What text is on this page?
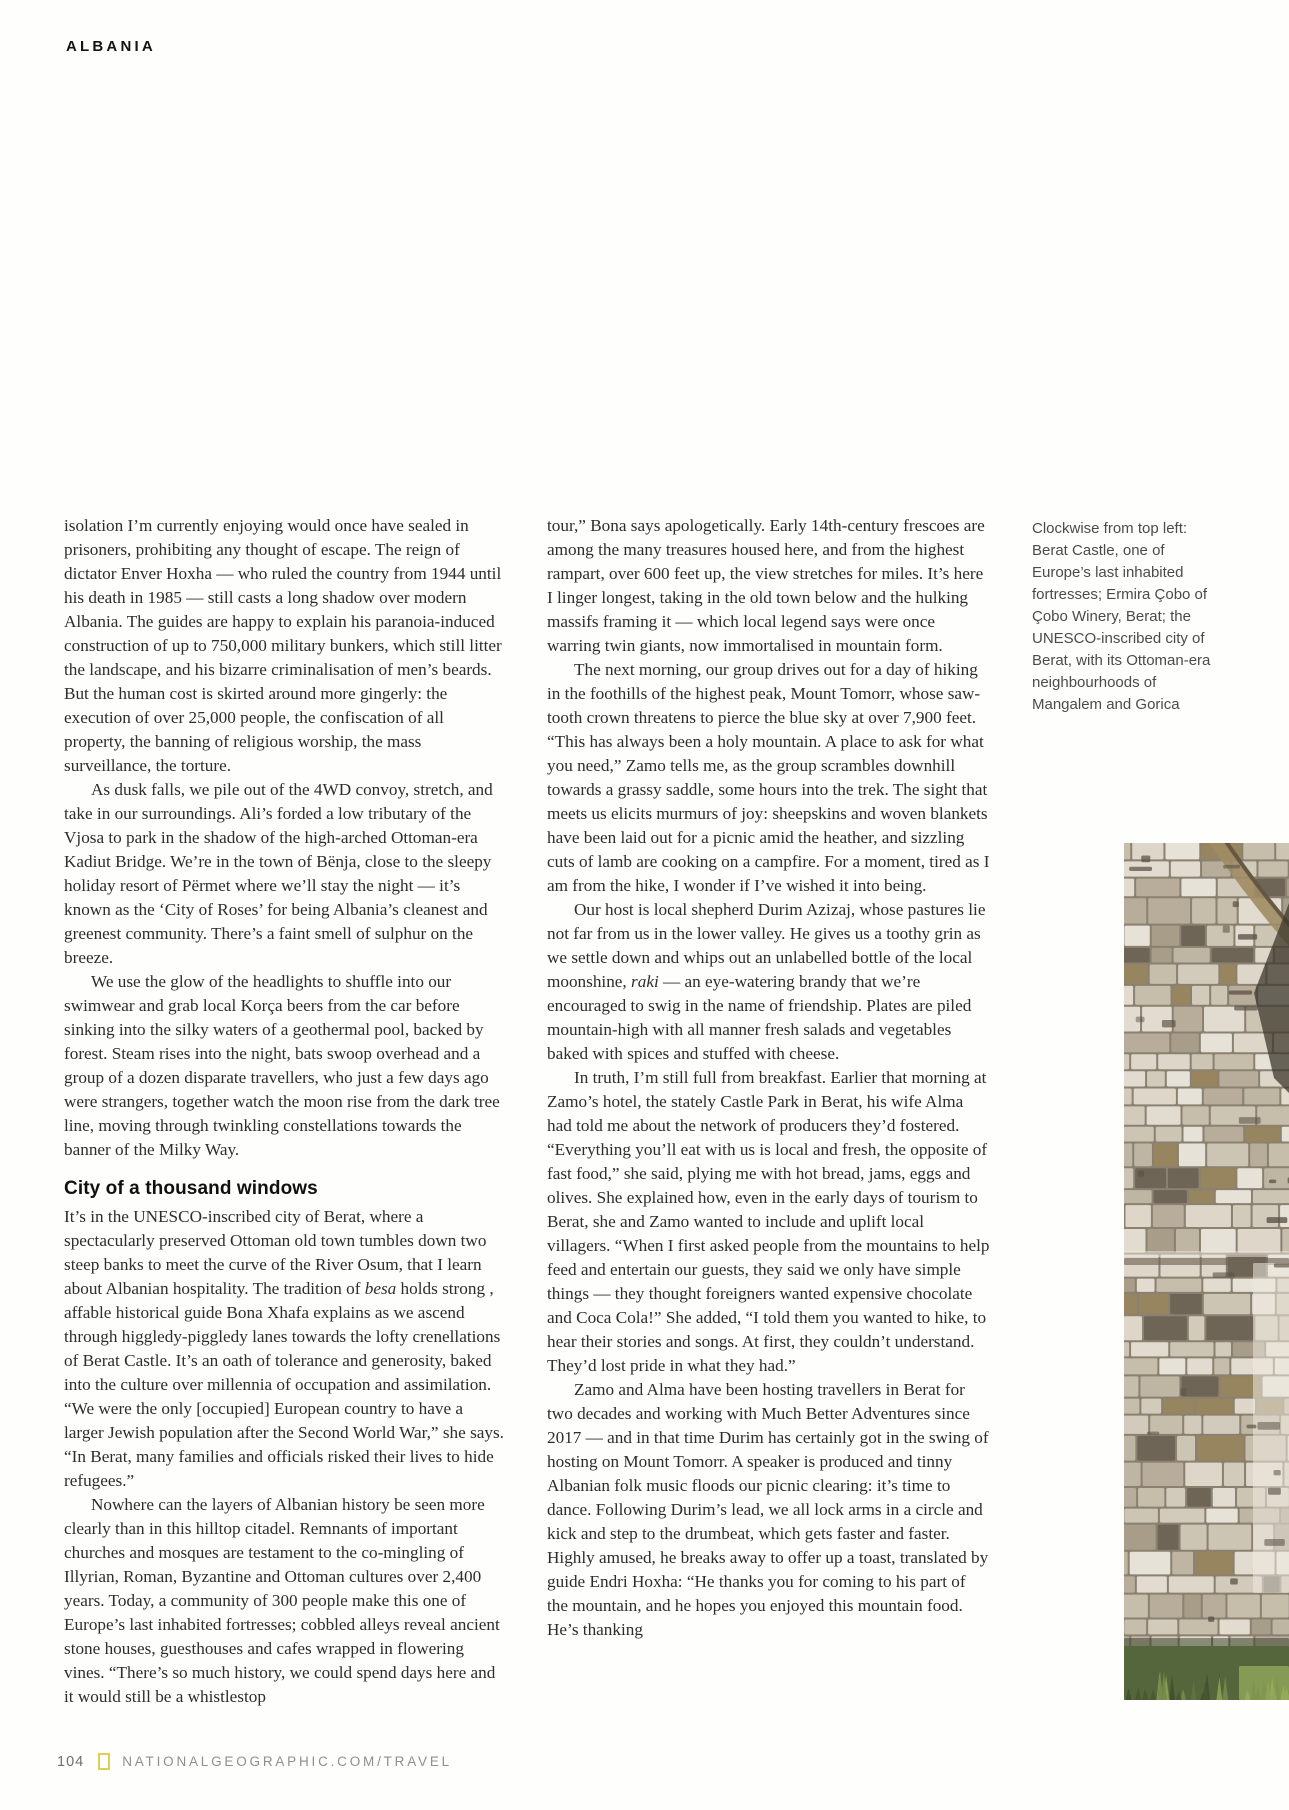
ALBANIA

isolation I’m currently enjoying would once have sealed in prisoners, prohibiting any thought of escape. The reign of dictator Enver Hoxha — who ruled the country from 1944 until his death in 1985 — still casts a long shadow over modern Albania. The guides are happy to explain his paranoia-induced construction of up to 750,000 military bunkers, which still litter the landscape, and his bizarre criminalisation of men’s beards. But the human cost is skirted around more gingerly: the execution of over 25,000 people, the confiscation of all property, the banning of religious worship, the mass surveillance, the torture.

As dusk falls, we pile out of the 4WD convoy, stretch, and take in our surroundings. Ali’s forded a low tributary of the Vjosa to park in the shadow of the high-arched Ottoman-era Kadiut Bridge. We’re in the town of Bënja, close to the sleepy holiday resort of Përmet where we’ll stay the night — it’s known as the ‘City of Roses’ for being Albania’s cleanest and greenest community. There’s a faint smell of sulphur on the breeze.

We use the glow of the headlights to shuffle into our swimwear and grab local Korça beers from the car before sinking into the silky waters of a geothermal pool, backed by forest. Steam rises into the night, bats swoop overhead and a group of a dozen disparate travellers, who just a few days ago were strangers, together watch the moon rise from the dark tree line, moving through twinkling constellations towards the banner of the Milky Way.

City of a thousand windows

It’s in the UNESCO-inscribed city of Berat, where a spectacularly preserved Ottoman old town tumbles down two steep banks to meet the curve of the River Osum, that I learn about Albanian hospitality. The tradition of besa holds strong , affable historical guide Bona Xhafa explains as we ascend through higgledy-piggledy lanes towards the lofty crenellations of Berat Castle. It’s an oath of tolerance and generosity, baked into the culture over millennia of occupation and assimilation. “We were the only [occupied] European country to have a larger Jewish population after the Second World War,” she says. “In Berat, many families and officials risked their lives to hide refugees.”

Nowhere can the layers of Albanian history be seen more clearly than in this hilltop citadel. Remnants of important churches and mosques are testament to the co-mingling of Illyrian, Roman, Byzantine and Ottoman cultures over 2,400 years. Today, a community of 300 people make this one of Europe’s last inhabited fortresses; cobbled alleys reveal ancient stone houses, guesthouses and cafes wrapped in flowering vines. “There’s so much history, we could spend days here and it would still be a whistlestop

tour,” Bona says apologetically. Early 14th-century frescoes are among the many treasures housed here, and from the highest rampart, over 600 feet up, the view stretches for miles. It’s here I linger longest, taking in the old town below and the hulking massifs framing it — which local legend says were once warring twin giants, now immortalised in mountain form.

The next morning, our group drives out for a day of hiking in the foothills of the highest peak, Mount Tomorr, whose saw-tooth crown threatens to pierce the blue sky at over 7,900 feet. “This has always been a holy mountain. A place to ask for what you need,” Zamo tells me, as the group scrambles downhill towards a grassy saddle, some hours into the trek. The sight that meets us elicits murmurs of joy: sheepskins and woven blankets have been laid out for a picnic amid the heather, and sizzling cuts of lamb are cooking on a campfire. For a moment, tired as I am from the hike, I wonder if I’ve wished it into being.

Our host is local shepherd Durim Azizaj, whose pastures lie not far from us in the lower valley. He gives us a toothy grin as we settle down and whips out an unlabelled bottle of the local moonshine, raki — an eye-watering brandy that we’re encouraged to swig in the name of friendship. Plates are piled mountain-high with all manner fresh salads and vegetables baked with spices and stuffed with cheese.

In truth, I’m still full from breakfast. Earlier that morning at Zamo’s hotel, the stately Castle Park in Berat, his wife Alma had told me about the network of producers they’d fostered. “Everything you’ll eat with us is local and fresh, the opposite of fast food,” she said, plying me with hot bread, jams, eggs and olives. She explained how, even in the early days of tourism to Berat, she and Zamo wanted to include and uplift local villagers. “When I first asked people from the mountains to help feed and entertain our guests, they said we only have simple things — they thought foreigners wanted expensive chocolate and Coca Cola!” She added, “I told them you wanted to hike, to hear their stories and songs. At first, they couldn’t understand. They’d lost pride in what they had.”

Zamo and Alma have been hosting travellers in Berat for two decades and working with Much Better Adventures since 2017 — and in that time Durim has certainly got in the swing of hosting on Mount Tomorr. A speaker is produced and tinny Albanian folk music floods our picnic clearing: it’s time to dance. Following Durim’s lead, we all lock arms in a circle and kick and step to the drumbeat, which gets faster and faster. Highly amused, he breaks away to offer up a toast, translated by guide Endri Hoxha: “He thanks you for coming to his part of the mountain, and he hopes you enjoyed this mountain food. He’s thanking

Clockwise from top left: Berat Castle, one of Europe’s last inhabited fortresses; Ermira Çobo of Çobo Winery, Berat; the UNESCO-inscribed city of Berat, with its Ottoman-era neighbourhoods of Mangalem and Gorica
104	NATIONALGEOGRAPHIC.COM/TRAVEL
